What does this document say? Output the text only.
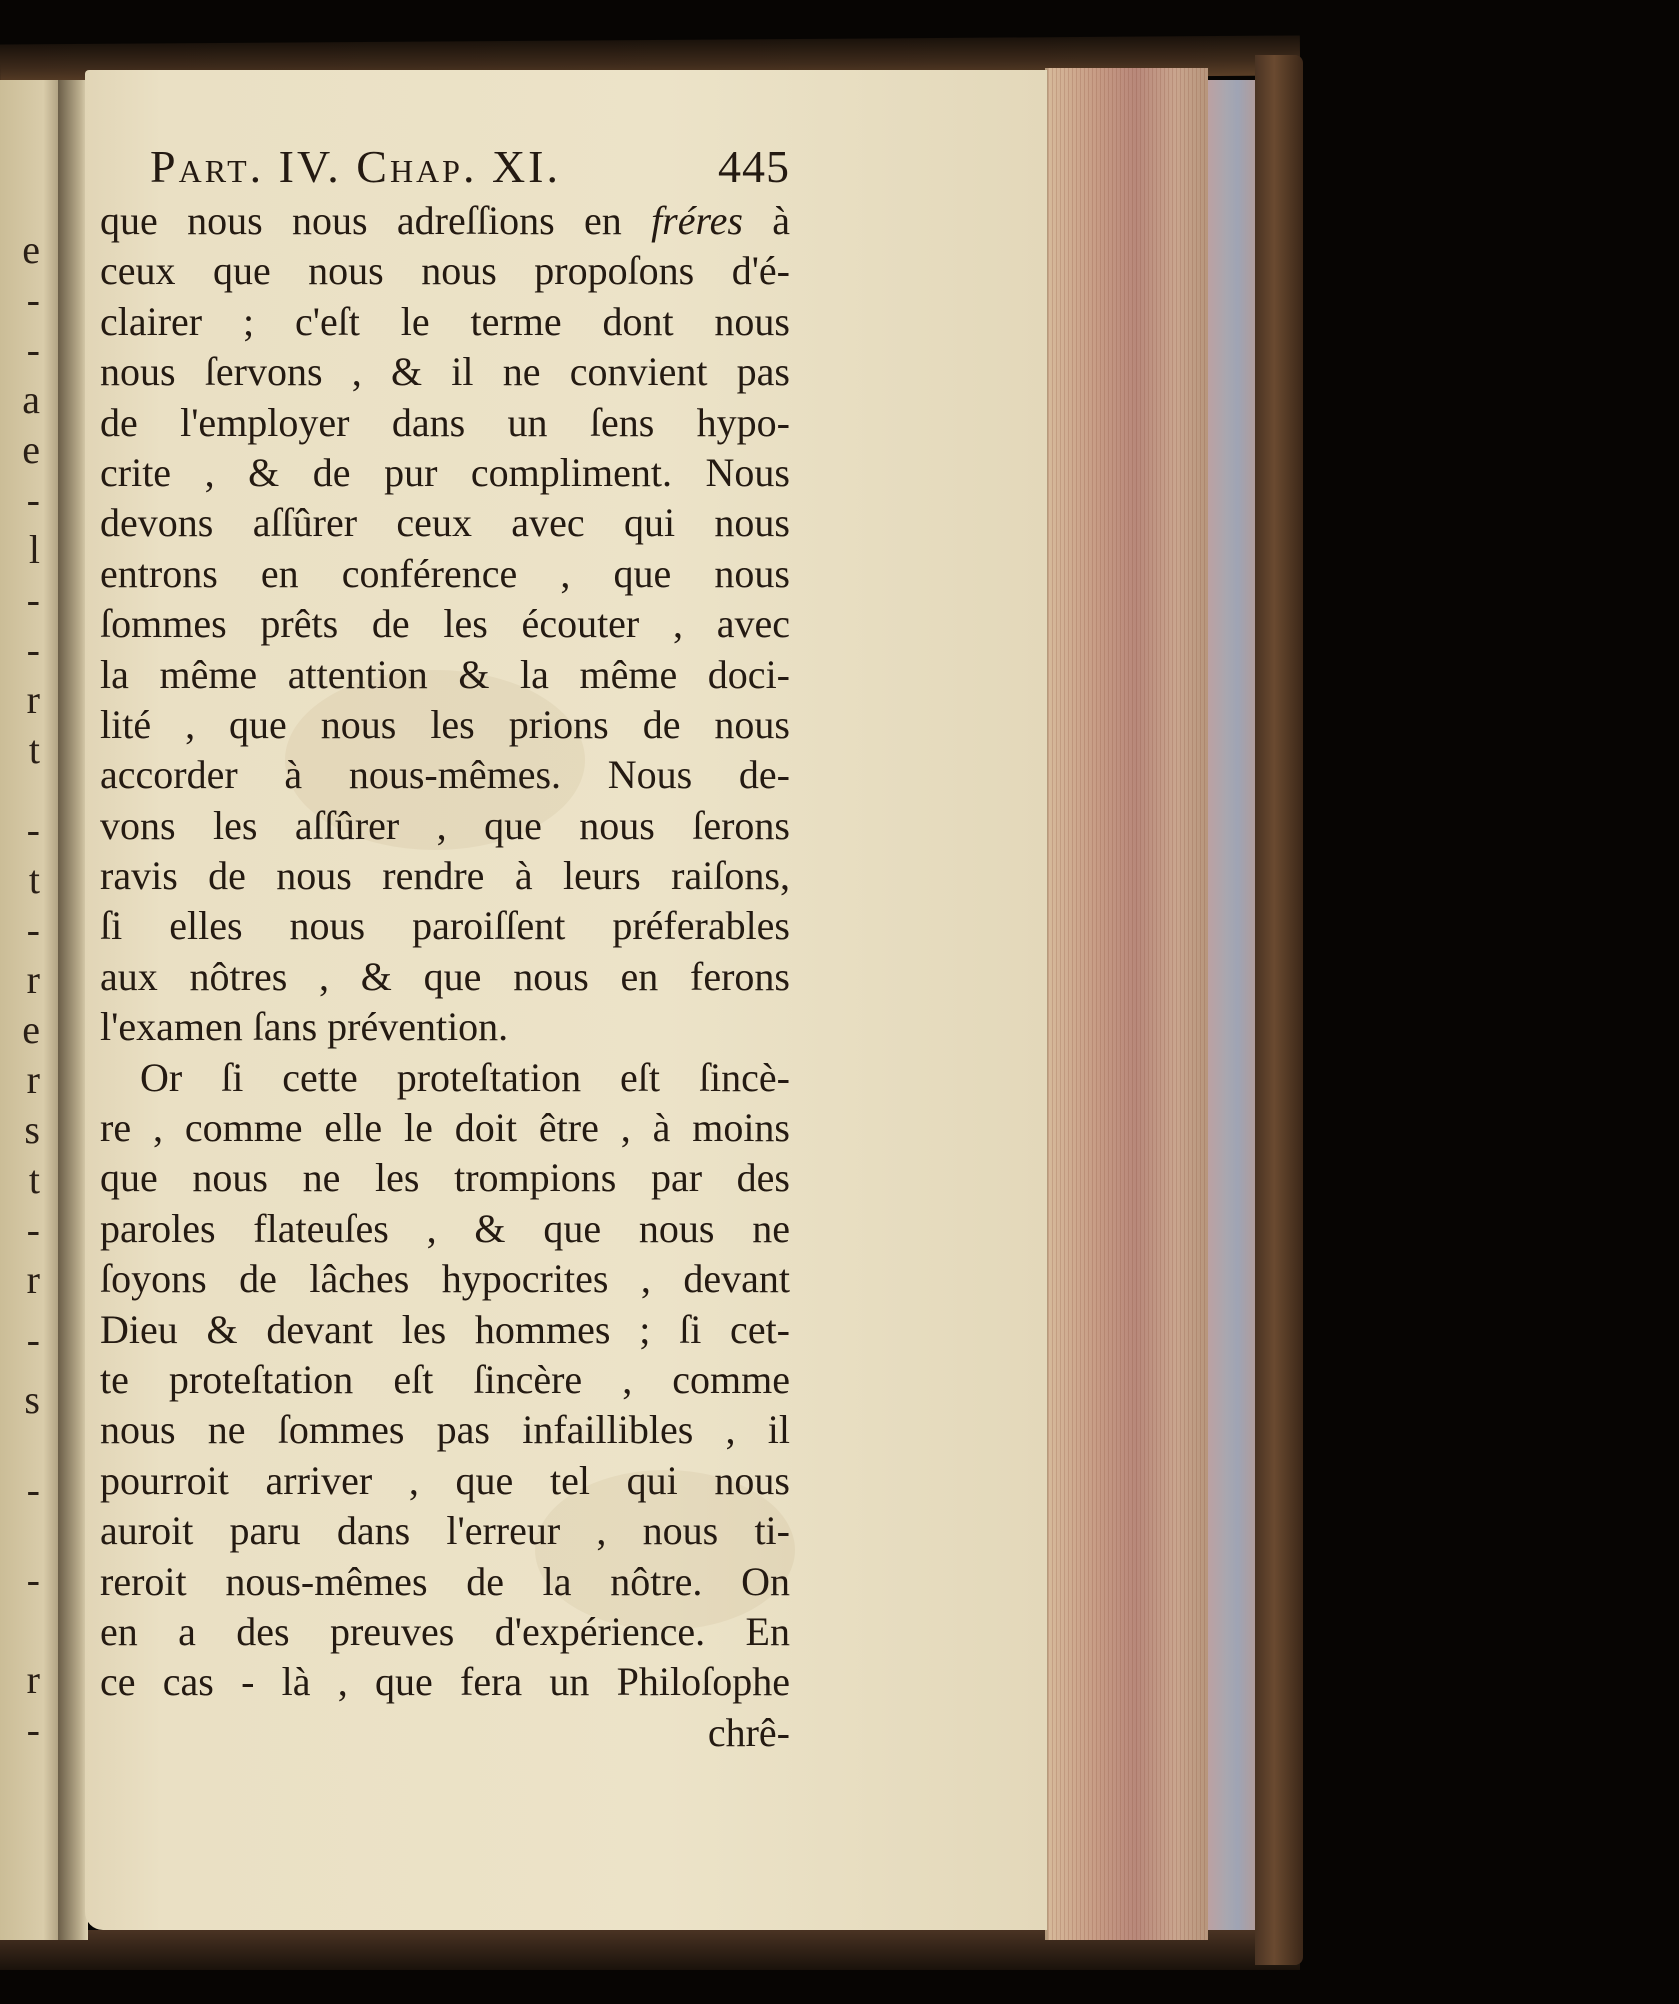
e
-
-
a
e
-
l
-
-
r
t
-
t
-
r
e
r
s
t
-
r
-
s
-
-
r
-
Part. IV. Chap. XI.	445
que nous nous adreſſions en fréres à
ceux que nous nous propoſons d'é-
clairer ; c'eſt le terme dont nous
nous ſervons , & il ne convient pas
de l'employer dans un ſens hypo-
crite , & de pur compliment. Nous
devons aſſûrer ceux avec qui nous
entrons en conférence , que nous
ſommes prêts de les écouter , avec
la même attention & la même doci-
lité , que nous les prions de nous
accorder à nous-mêmes. Nous de-
vons les aſſûrer , que nous ſerons
ravis de nous rendre à leurs raiſons,
ſi elles nous paroiſſent préferables
aux nôtres , & que nous en ferons
l'examen ſans prévention.
Or ſi cette proteſtation eſt ſincè-
re , comme elle le doit être , à moins
que nous ne les trompions par des
paroles flateuſes , & que nous ne
ſoyons de lâches hypocrites , devant
Dieu & devant les hommes ; ſi cet-
te proteſtation eſt ſincère , comme
nous ne ſommes pas infaillibles , il
pourroit arriver , que tel qui nous
auroit paru dans l'erreur , nous ti-
reroit nous-mêmes de la nôtre. On
en a des preuves d'expérience. En
ce cas - là , que fera un Philoſophe
chrê-
